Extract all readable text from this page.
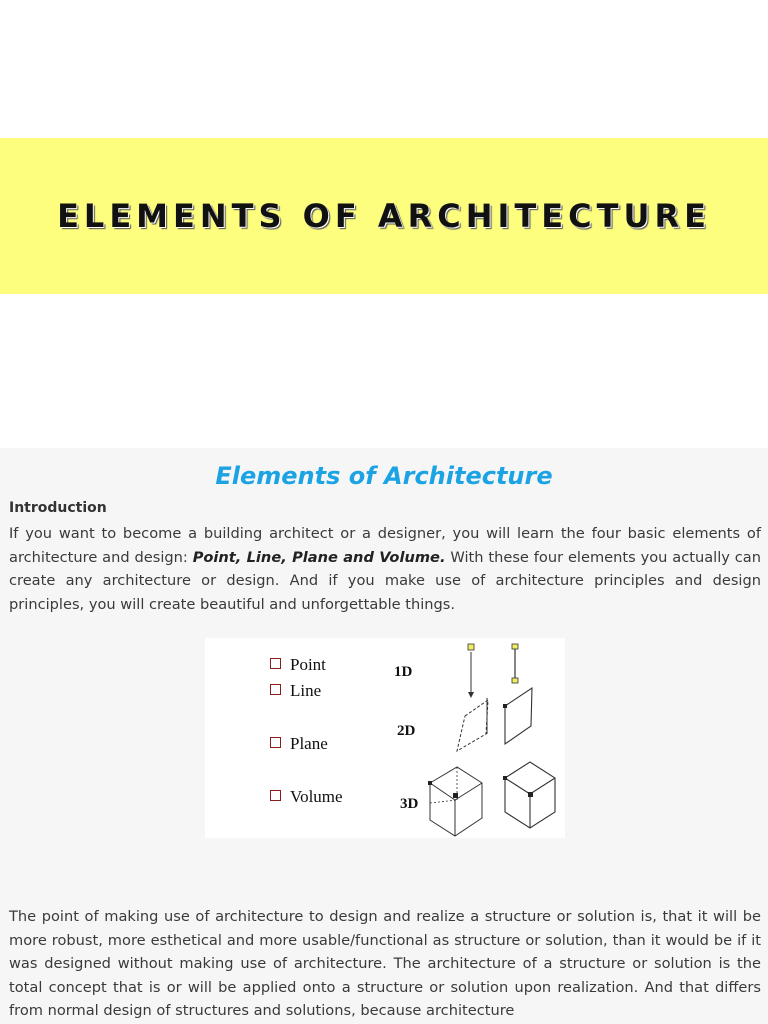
ELEMENTS OF ARCHITECTURE
Elements of Architecture
Introduction
If you want to become a building architect or a designer, you will learn the four basic elements of architecture and design: Point, Line, Plane and Volume. With these four elements you actually can create any architecture or design. And if you make use of architecture principles and design principles, you will create beautiful and unforgettable things.
Point
Line
Plane
Volume
1D
2D
3D
The point of making use of architecture to design and realize a structure or solution is, that it will be more robust, more esthetical and more usable/functional as structure or solution, than it would be if it was designed without making use of architecture. The architecture of a structure or solution is the total concept that is or will be applied onto a structure or solution upon realization. And that differs from normal design of structures and solutions, because architecture
